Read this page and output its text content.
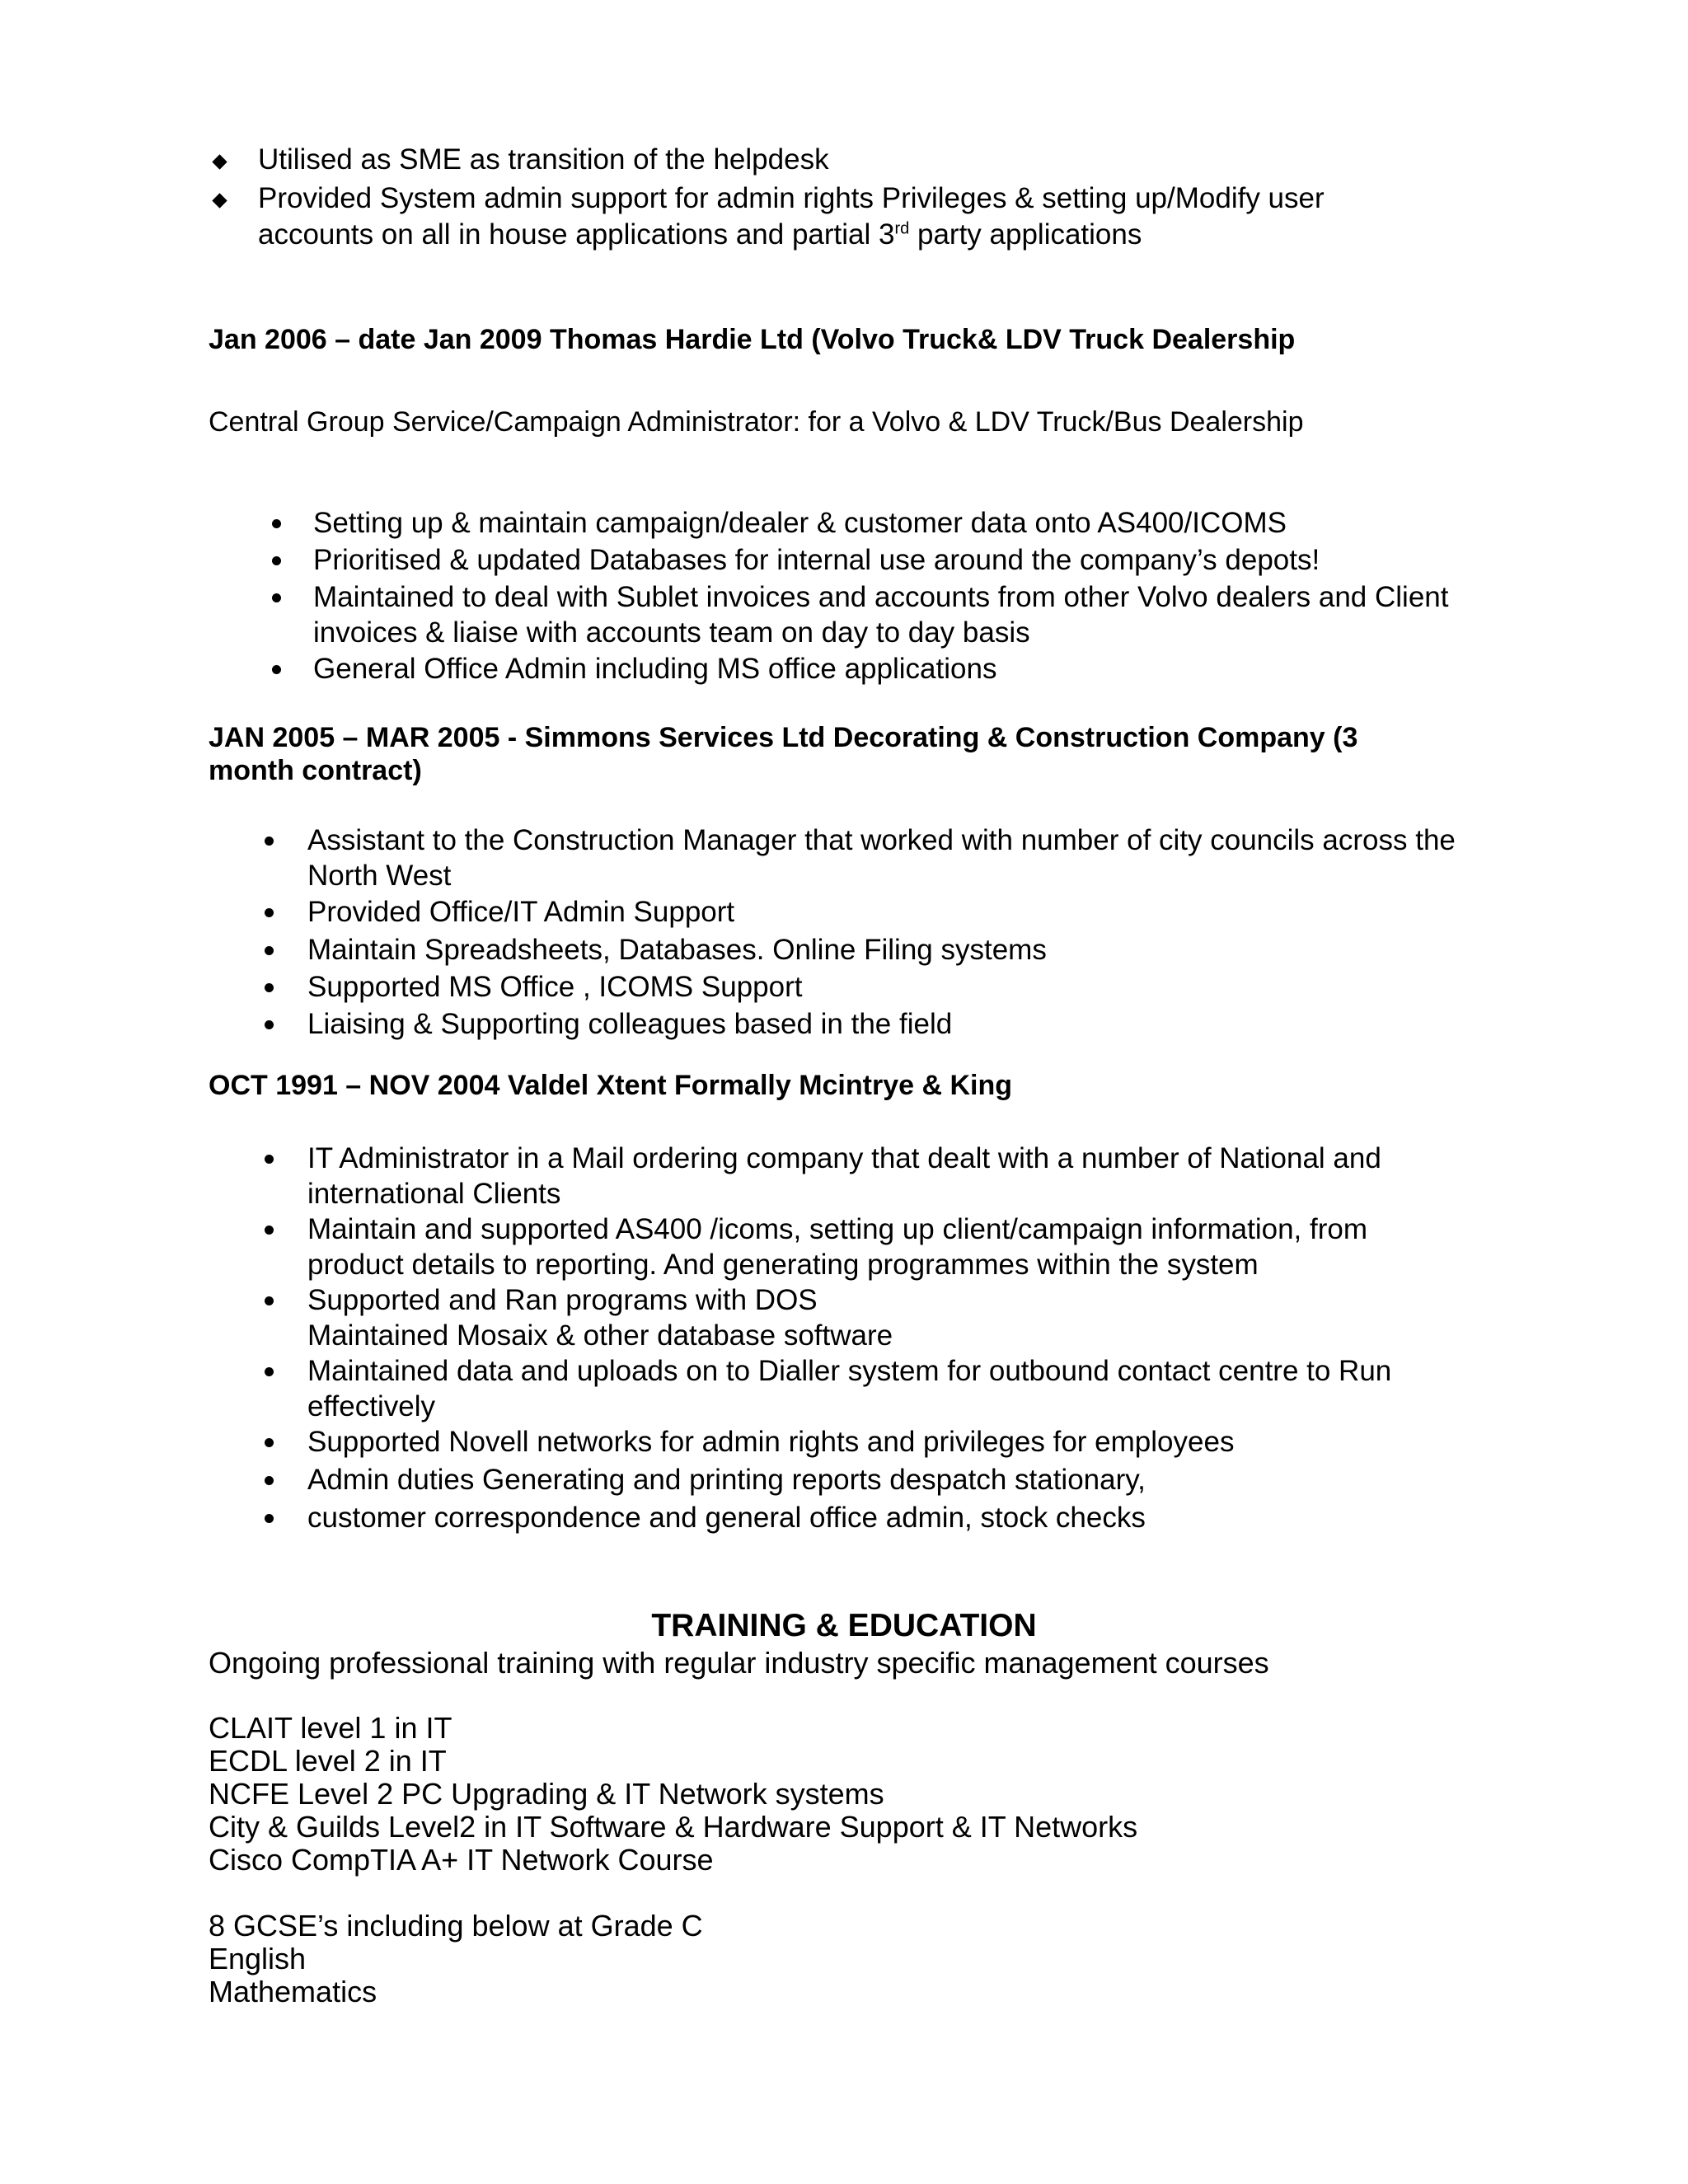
Utilised as SME as transition of the helpdesk
Provided System admin support for admin rights Privileges & setting up/Modify user
accounts on all in house applications and partial 3rd party applications
Jan 2006 – date Jan 2009 Thomas Hardie Ltd (Volvo Truck& LDV Truck Dealership
Central Group Service/Campaign Administrator: for a Volvo & LDV Truck/Bus Dealership
Setting up & maintain campaign/dealer & customer data onto AS400/ICOMS
Prioritised & updated Databases for internal use around the company’s depots!
Maintained to deal with Sublet invoices and accounts from other Volvo dealers and Client
invoices & liaise with accounts team on day to day basis
General Office Admin including MS office applications
JAN 2005 – MAR 2005 - Simmons Services Ltd Decorating & Construction Company (3
month contract)
Assistant to the Construction Manager that worked with number of city councils across the
North West
Provided Office/IT Admin Support
Maintain Spreadsheets, Databases. Online Filing systems
Supported MS Office , ICOMS Support
Liaising & Supporting colleagues based in the field
OCT 1991 – NOV 2004 Valdel Xtent Formally Mcintrye & King
IT Administrator in a Mail ordering company that dealt with a number of National and
international Clients
Maintain and supported AS400 /icoms, setting up client/campaign information, from
product details to reporting. And generating programmes within the system
Supported and Ran programs with DOS
Maintained Mosaix & other database software
Maintained data and uploads on to Dialler system for outbound contact centre to Run
effectively
Supported Novell networks for admin rights and privileges for employees
Admin duties Generating and printing reports despatch stationary,
customer correspondence and general office admin, stock checks
TRAINING & EDUCATION
Ongoing professional training with regular industry specific management courses
CLAIT level 1 in IT
ECDL level 2 in IT
NCFE Level 2 PC Upgrading & IT Network systems
City & Guilds Level2 in IT Software & Hardware Support & IT Networks
Cisco CompTIA A+ IT Network Course
8 GCSE’s including below at Grade C
English
Mathematics
